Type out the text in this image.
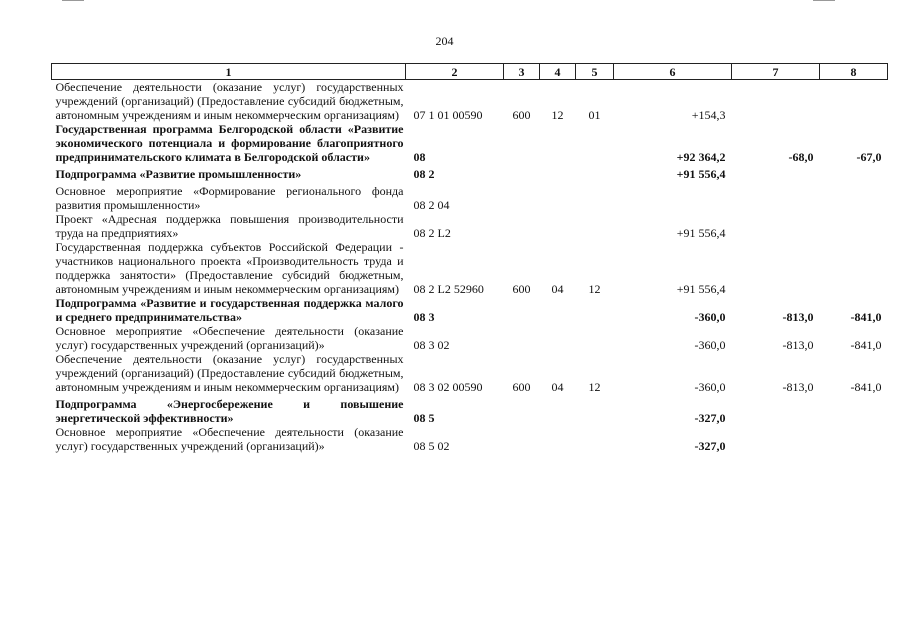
204
1	2	3	4	5	6	7	8
Обеспечение деятельности (оказание услуг) государственных учреждений (организаций) (Предоставление субсидий бюджетным, автономным учреждениям и иным некоммерческим организациям)	07 1 01 00590	600	12	01	+154,3		
Государственная программа Белгородской области «Развитие экономического потенциала и формирование благоприятного предпринимательского климата в Белгородской области»	08				+92 364,2	-68,0	-67,0
Подпрограмма «Развитие промышленности»	08 2				+91 556,4		
Основное мероприятие «Формирование регионального фонда развития промышленности»	08 2 04						
Проект «Адресная поддержка повышения производительности труда на предприятиях»	08 2 L2				+91 556,4		
Государственная поддержка субъектов Российской Федерации - участников национального проекта «Производительность труда и поддержка занятости» (Предоставление субсидий бюджетным, автономным учреждениям и иным некоммерческим организациям)	08 2 L2 52960	600	04	12	+91 556,4		
Подпрограмма «Развитие и государственная поддержка малого и среднего предпринимательства»	08 3				-360,0	-813,0	-841,0
Основное мероприятие «Обеспечение деятельности (оказание услуг) государственных учреждений (организаций)»	08 3 02				-360,0	-813,0	-841,0
Обеспечение деятельности (оказание услуг) государственных учреждений (организаций) (Предоставление субсидий бюджетным, автономным учреждениям и иным некоммерческим организациям)	08 3 02 00590	600	04	12	-360,0	-813,0	-841,0
Подпрограмма «Энергосбережение и повышение энергетической эффективности»	08 5				-327,0		
Основное мероприятие «Обеспечение деятельности (оказание услуг) государственных учреждений (организаций)»	08 5 02				-327,0		
